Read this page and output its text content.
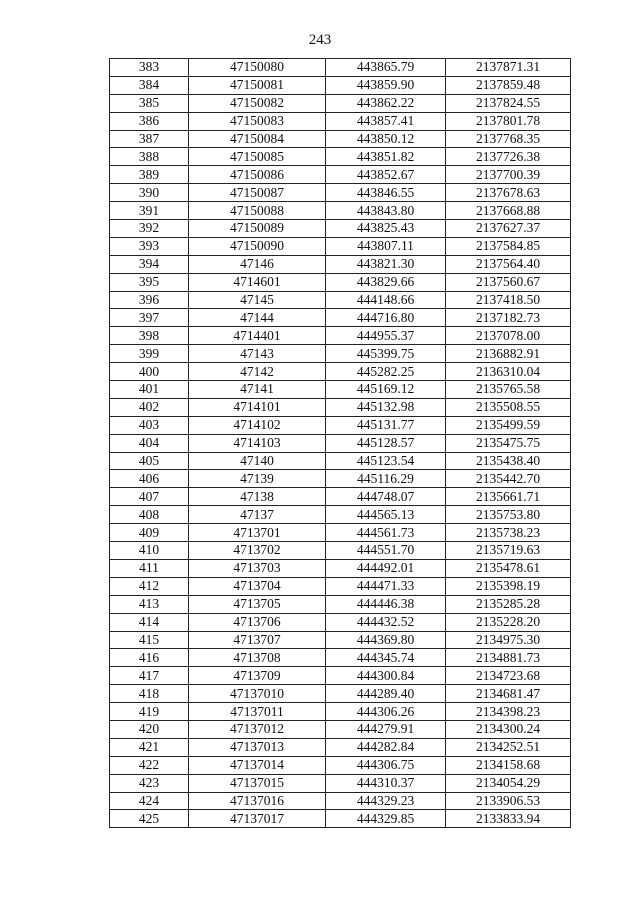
243
383	47150080	443865.79	2137871.31
384	47150081	443859.90	2137859.48
385	47150082	443862.22	2137824.55
386	47150083	443857.41	2137801.78
387	47150084	443850.12	2137768.35
388	47150085	443851.82	2137726.38
389	47150086	443852.67	2137700.39
390	47150087	443846.55	2137678.63
391	47150088	443843.80	2137668.88
392	47150089	443825.43	2137627.37
393	47150090	443807.11	2137584.85
394	47146	443821.30	2137564.40
395	4714601	443829.66	2137560.67
396	47145	444148.66	2137418.50
397	47144	444716.80	2137182.73
398	4714401	444955.37	2137078.00
399	47143	445399.75	2136882.91
400	47142	445282.25	2136310.04
401	47141	445169.12	2135765.58
402	4714101	445132.98	2135508.55
403	4714102	445131.77	2135499.59
404	4714103	445128.57	2135475.75
405	47140	445123.54	2135438.40
406	47139	445116.29	2135442.70
407	47138	444748.07	2135661.71
408	47137	444565.13	2135753.80
409	4713701	444561.73	2135738.23
410	4713702	444551.70	2135719.63
411	4713703	444492.01	2135478.61
412	4713704	444471.33	2135398.19
413	4713705	444446.38	2135285.28
414	4713706	444432.52	2135228.20
415	4713707	444369.80	2134975.30
416	4713708	444345.74	2134881.73
417	4713709	444300.84	2134723.68
418	47137010	444289.40	2134681.47
419	47137011	444306.26	2134398.23
420	47137012	444279.91	2134300.24
421	47137013	444282.84	2134252.51
422	47137014	444306.75	2134158.68
423	47137015	444310.37	2134054.29
424	47137016	444329.23	2133906.53
425	47137017	444329.85	2133833.94
